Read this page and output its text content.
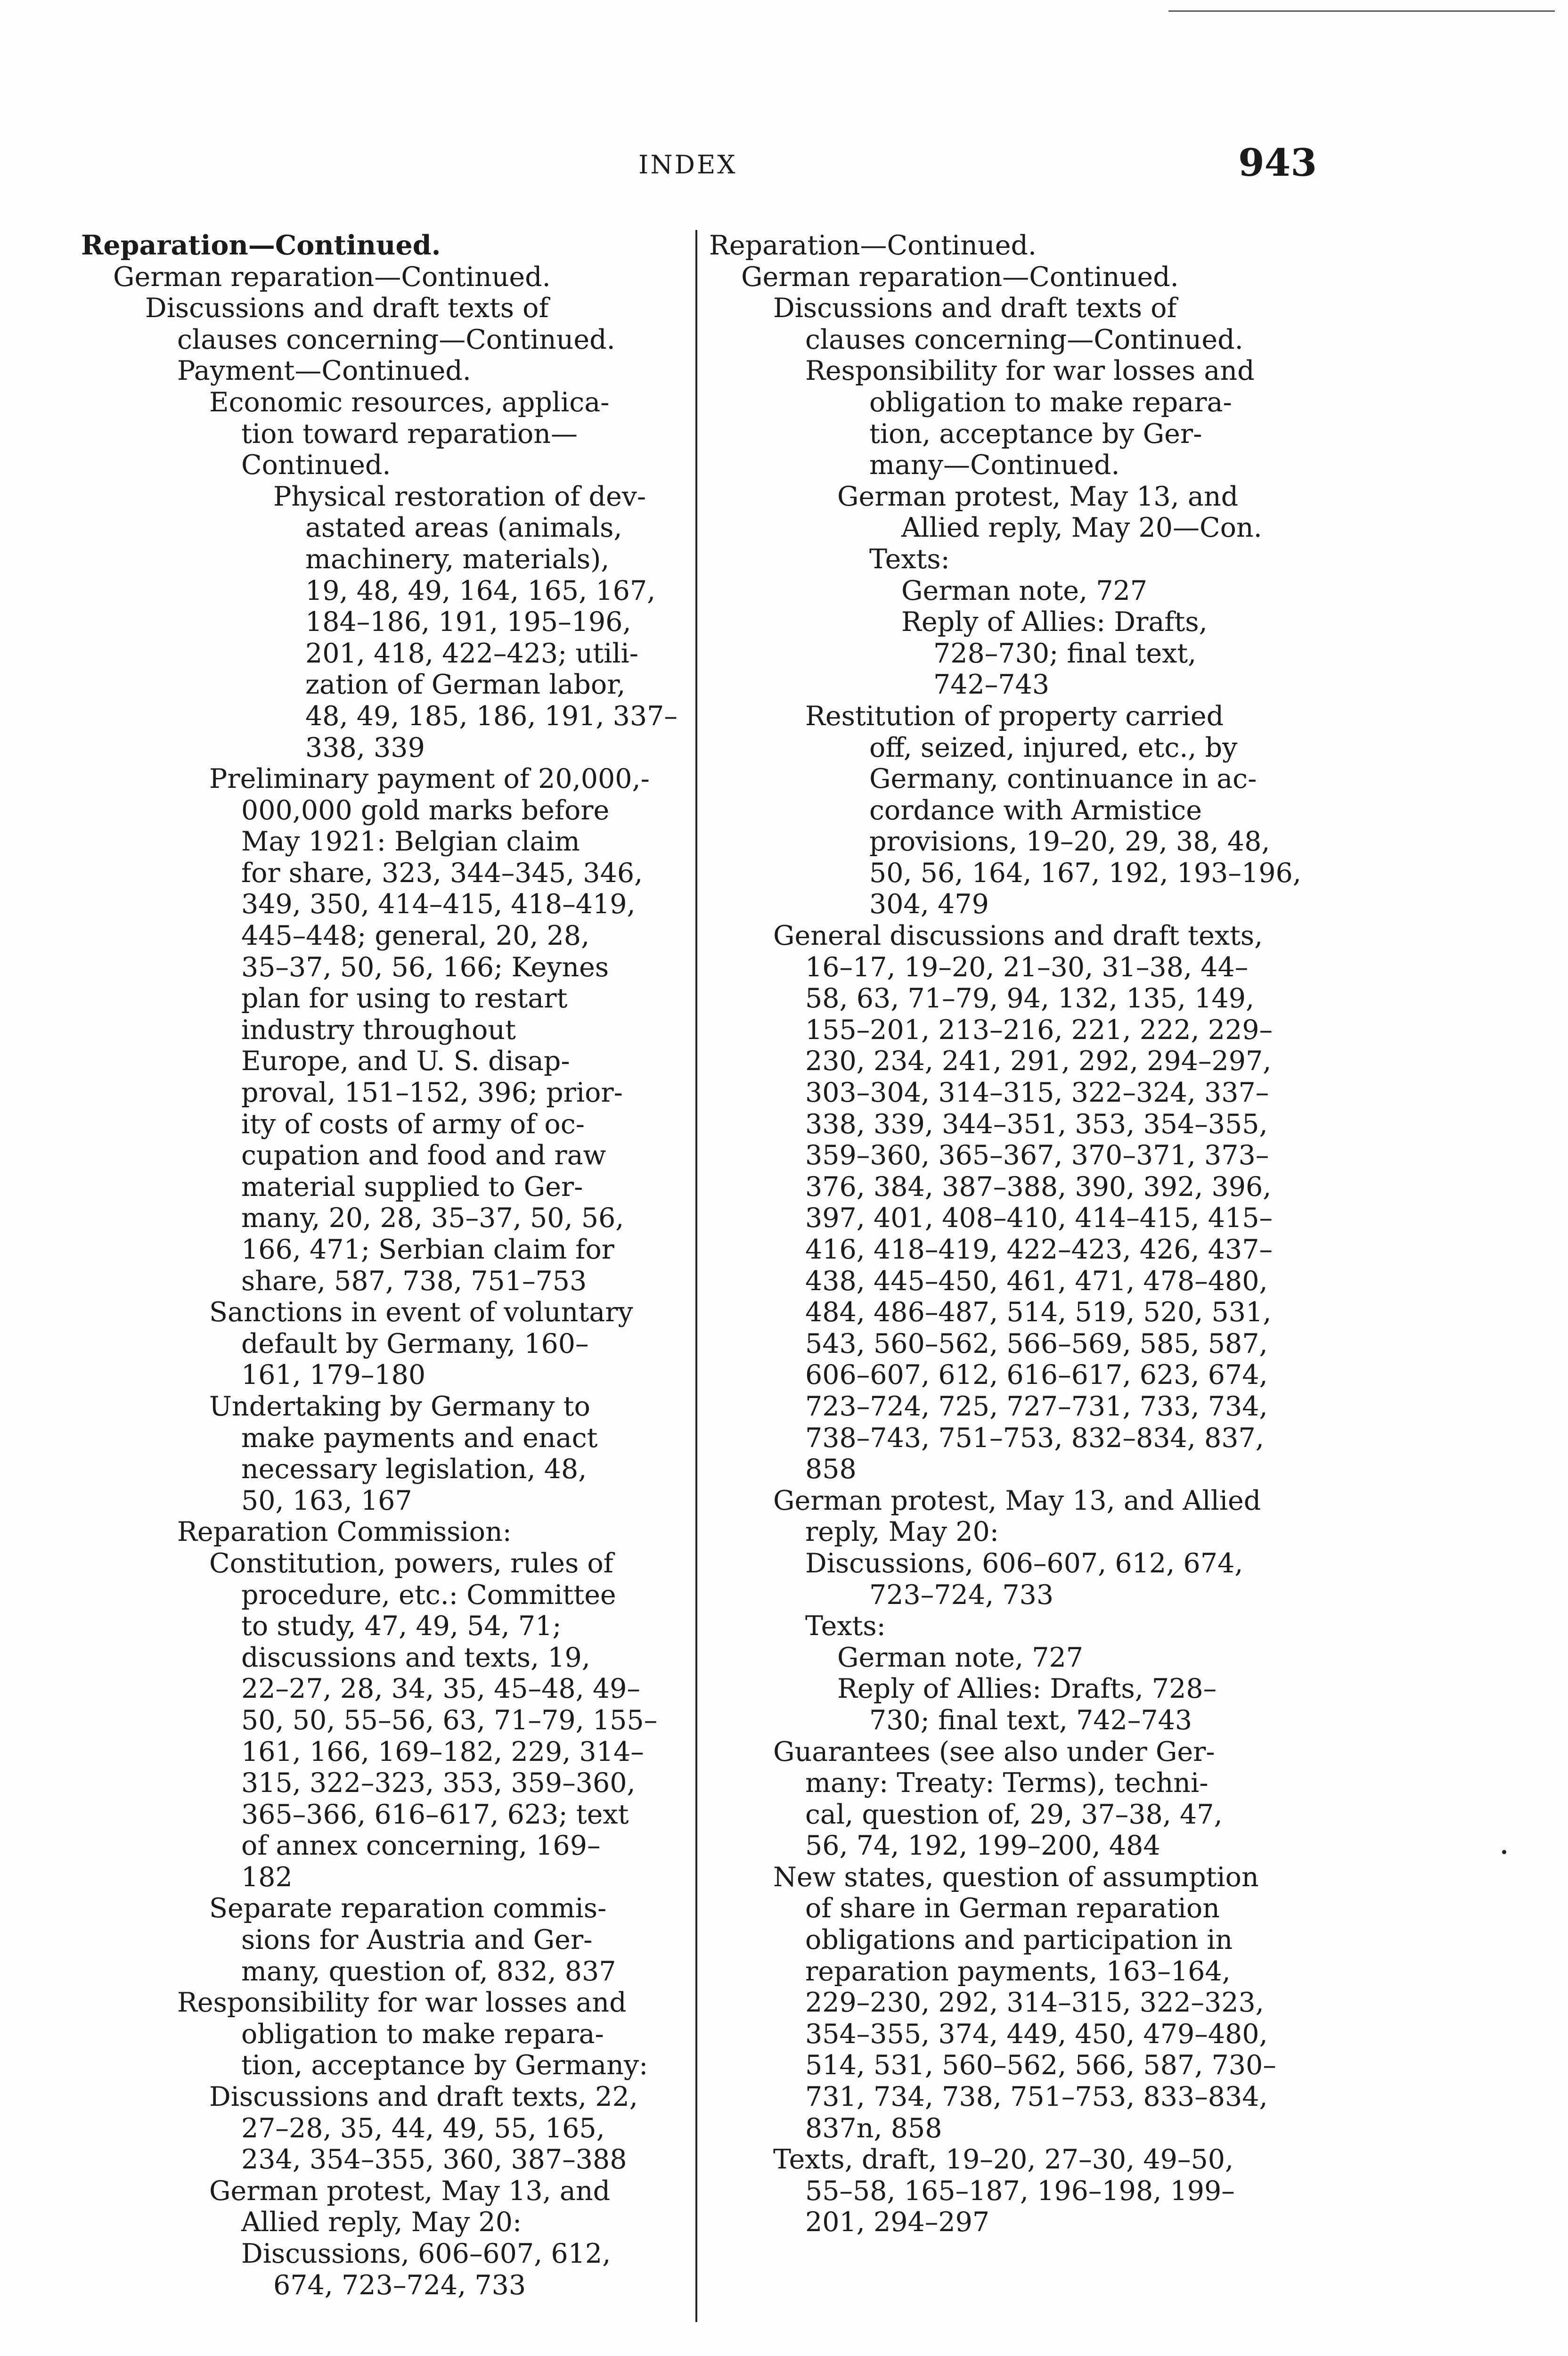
INDEX	943
Reparation—Continued.
German reparation—Continued.
Discussions and draft texts of
clauses concerning—Continued.
Payment—Continued.
Economic resources, applica-
tion toward reparation—
Continued.
Physical restoration of dev-
astated areas (animals,
machinery, materials),
19, 48, 49, 164, 165, 167,
184–186, 191, 195–196,
201, 418, 422–423; utili-
zation of German labor,
48, 49, 185, 186, 191, 337–
338, 339
Preliminary payment of 20,000,-
000,000 gold marks before
May 1921: Belgian claim
for share, 323, 344–345, 346,
349, 350, 414–415, 418–419,
445–448; general, 20, 28,
35–37, 50, 56, 166; Keynes
plan for using to restart
industry throughout
Europe, and U. S. disap-
proval, 151–152, 396; prior-
ity of costs of army of oc-
cupation and food and raw
material supplied to Ger-
many, 20, 28, 35–37, 50, 56,
166, 471; Serbian claim for
share, 587, 738, 751–753
Sanctions in event of voluntary
default by Germany, 160–
161, 179–180
Undertaking by Germany to
make payments and enact
necessary legislation, 48,
50, 163, 167
Reparation Commission:
Constitution, powers, rules of
procedure, etc.: Committee
to study, 47, 49, 54, 71;
discussions and texts, 19,
22–27, 28, 34, 35, 45–48, 49–
50, 50, 55–56, 63, 71–79, 155–
161, 166, 169–182, 229, 314–
315, 322–323, 353, 359–360,
365–366, 616–617, 623; text
of annex concerning, 169–
182
Separate reparation commis-
sions for Austria and Ger-
many, question of, 832, 837
Responsibility for war losses and
obligation to make repara-
tion, acceptance by Germany:
Discussions and draft texts, 22,
27–28, 35, 44, 49, 55, 165,
234, 354–355, 360, 387–388
German protest, May 13, and
Allied reply, May 20:
Discussions, 606–607, 612,
674, 723–724, 733
Reparation—Continued.
German reparation—Continued.
Discussions and draft texts of
clauses concerning—Continued.
Responsibility for war losses and
obligation to make repara-
tion, acceptance by Ger-
many—Continued.
German protest, May 13, and
Allied reply, May 20—Con.
Texts:
German note, 727
Reply of Allies: Drafts,
728–730; final text,
742–743
Restitution of property carried
off, seized, injured, etc., by
Germany, continuance in ac-
cordance with Armistice
provisions, 19–20, 29, 38, 48,
50, 56, 164, 167, 192, 193–196,
304, 479
General discussions and draft texts,
16–17, 19–20, 21–30, 31–38, 44–
58, 63, 71–79, 94, 132, 135, 149,
155–201, 213–216, 221, 222, 229–
230, 234, 241, 291, 292, 294–297,
303–304, 314–315, 322–324, 337–
338, 339, 344–351, 353, 354–355,
359–360, 365–367, 370–371, 373–
376, 384, 387–388, 390, 392, 396,
397, 401, 408–410, 414–415, 415–
416, 418–419, 422–423, 426, 437–
438, 445–450, 461, 471, 478–480,
484, 486–487, 514, 519, 520, 531,
543, 560–562, 566–569, 585, 587,
606–607, 612, 616–617, 623, 674,
723–724, 725, 727–731, 733, 734,
738–743, 751–753, 832–834, 837,
858
German protest, May 13, and Allied
reply, May 20:
Discussions, 606–607, 612, 674,
723–724, 733
Texts:
German note, 727
Reply of Allies: Drafts, 728–
730; final text, 742–743
Guarantees (see also under Ger-
many: Treaty: Terms), techni-
cal, question of, 29, 37–38, 47,
56, 74, 192, 199–200, 484
New states, question of assumption
of share in German reparation
obligations and participation in
reparation payments, 163–164,
229–230, 292, 314–315, 322–323,
354–355, 374, 449, 450, 479–480,
514, 531, 560–562, 566, 587, 730–
731, 734, 738, 751–753, 833–834,
837n, 858
Texts, draft, 19–20, 27–30, 49–50,
55–58, 165–187, 196–198, 199–
201, 294–297
